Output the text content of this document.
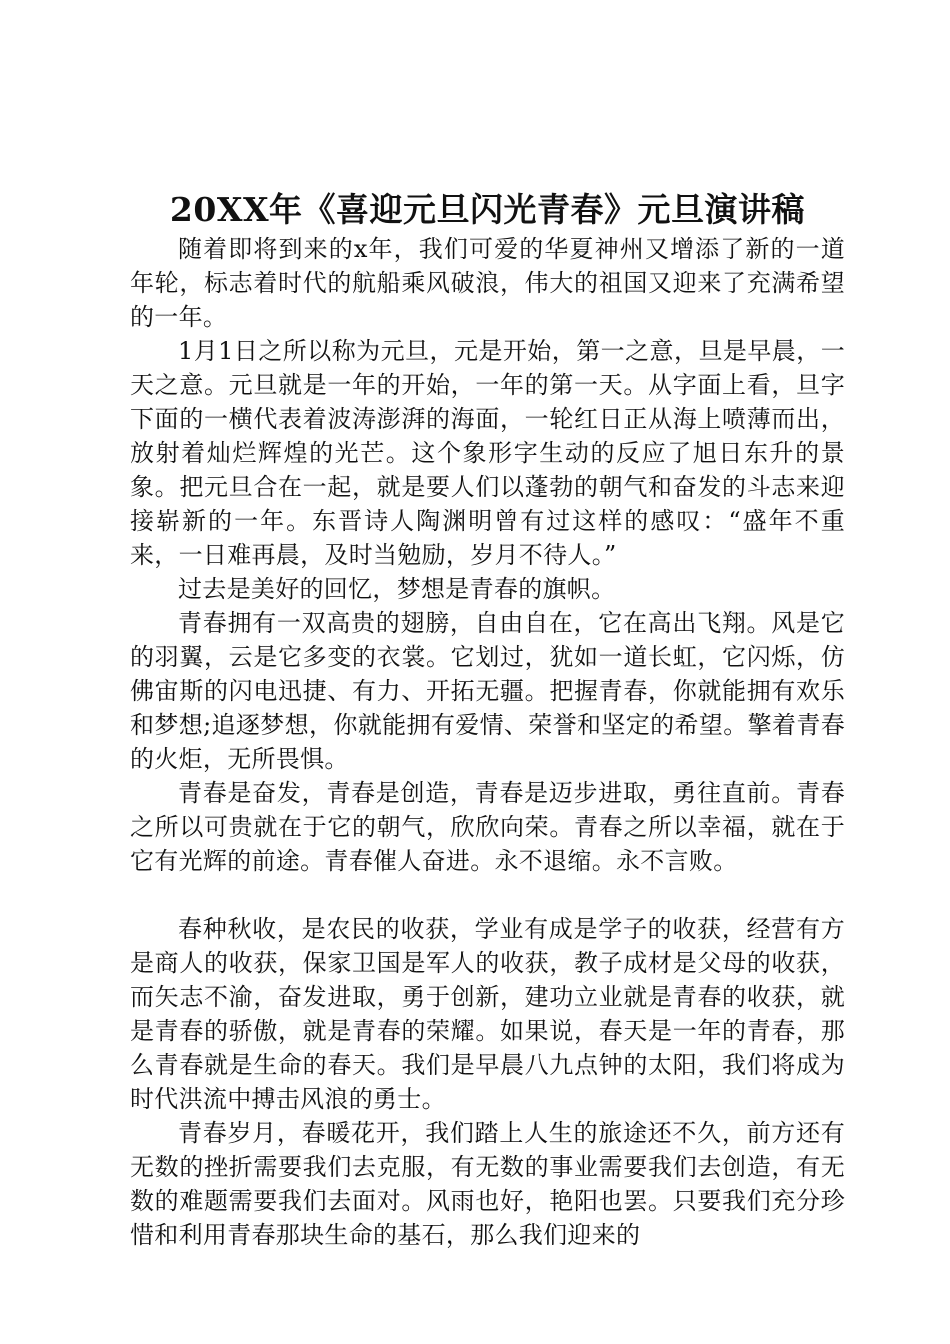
20XX年《喜迎元旦闪光青春》元旦演讲稿

随着即将到来的x年，我们可爱的华夏神州又增添了新的一道年轮，标志着时代的航船乘风破浪，伟大的祖国又迎来了充满希望的一年。

1月1日之所以称为元旦，元是开始，第一之意，旦是早晨，一天之意。元旦就是一年的开始，一年的第一天。从字面上看，旦字下面的一横代表着波涛澎湃的海面，一轮红日正从海上喷薄而出，放射着灿烂辉煌的光芒。这个象形字生动的反应了旭日东升的景象。把元旦合在一起，就是要人们以蓬勃的朝气和奋发的斗志来迎接崭新的一年。东晋诗人陶渊明曾有过这样的感叹：“盛年不重来，一日难再晨，及时当勉励，岁月不待人。”

过去是美好的回忆，梦想是青春的旗帜。

青春拥有一双高贵的翅膀，自由自在，它在高出飞翔。风是它的羽翼，云是它多变的衣裳。它划过，犹如一道长虹，它闪烁，仿佛宙斯的闪电迅捷、有力、开拓无疆。把握青春，你就能拥有欢乐和梦想;追逐梦想，你就能拥有爱情、荣誉和坚定的希望。擎着青春的火炬，无所畏惧。

青春是奋发，青春是创造，青春是迈步进取，勇往直前。青春之所以可贵就在于它的朝气，欣欣向荣。青春之所以幸福，就在于它有光辉的前途。青春催人奋进。永不退缩。永不言败。

春种秋收，是农民的收获，学业有成是学子的收获，经营有方是商人的收获，保家卫国是军人的收获，教子成材是父母的收获，而矢志不渝，奋发进取，勇于创新，建功立业就是青春的收获，就是青春的骄傲，就是青春的荣耀。如果说，春天是一年的青春，那么青春就是生命的春天。我们是早晨八九点钟的太阳，我们将成为时代洪流中搏击风浪的勇士。

青春岁月，春暖花开，我们踏上人生的旅途还不久，前方还有无数的挫折需要我们去克服，有无数的事业需要我们去创造，有无数的难题需要我们去面对。风雨也好，艳阳也罢。只要我们充分珍惜和利用青春那块生命的基石，那么我们迎来的
